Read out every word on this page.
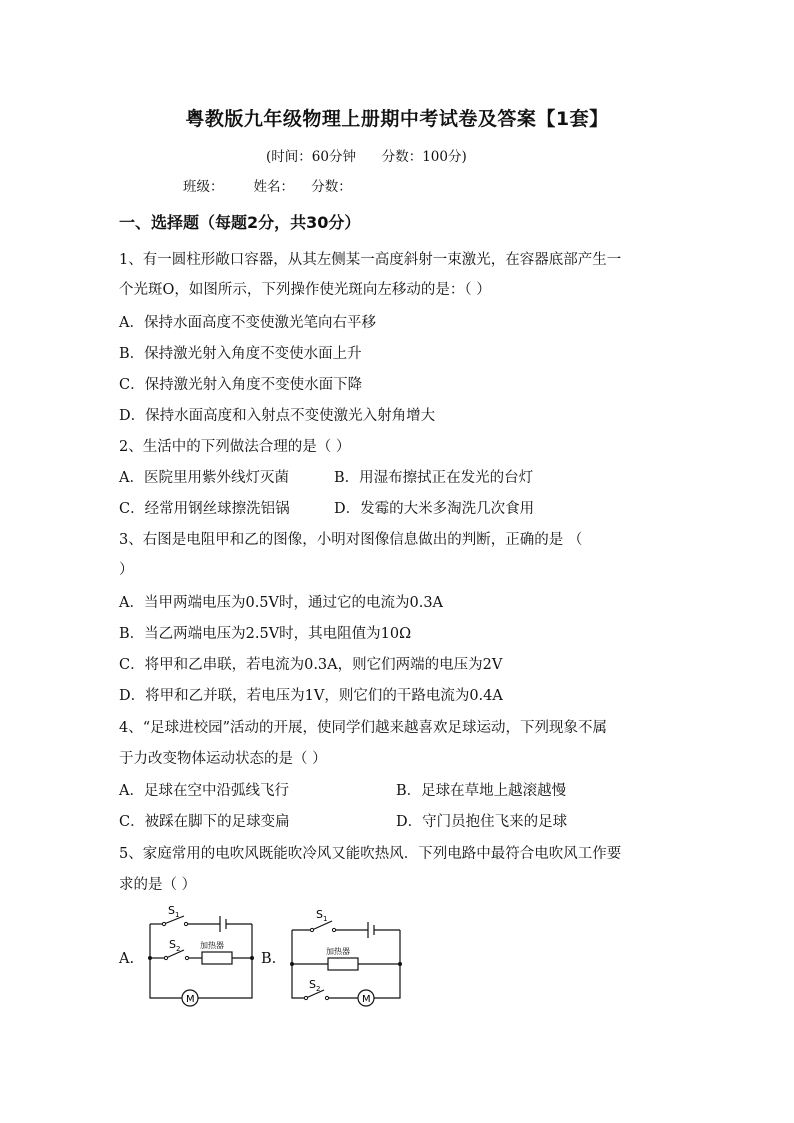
粤教版九年级物理上册期中考试卷及答案【1套】
(时间：60分钟      分数：100分)
班级：       姓名：    分数：
一、选择题（每题2分，共30分）
1、有一圆柱形敞口容器，从其左侧某一高度斜射一束激光，在容器底部产生一
个光斑O，如图所示，下列操作使光斑向左移动的是：（ ）
A．保持水面高度不变使激光笔向右平移
B．保持激光射入角度不变使水面上升
C．保持激光射入角度不变使水面下降
D．保持水面高度和入射点不变使激光入射角增大
2、生活中的下列做法合理的是（ ）
A．医院里用紫外线灯灭菌	B．用湿布擦拭正在发光的台灯
C．经常用钢丝球擦洗铝锅	D．发霉的大米多淘洗几次食用
3、右图是电阻甲和乙的图像，小明对图像信息做出的判断，正确的是 （
）
A．当甲两端电压为0.5V时，通过它的电流为0.3A
B．当乙两端电压为2.5V时，其电阻值为10Ω
C．将甲和乙串联，若电流为0.3A，则它们两端的电压为2V
D．将甲和乙并联，若电压为1V，则它们的干路电流为0.4A
4、“足球进校园”活动的开展，使同学们越来越喜欢足球运动，下列现象不属
于力改变物体运动状态的是（ ）
A．足球在空中沿弧线飞行	B．足球在草地上越滚越慢
C．被踩在脚下的足球变扁	D．守门员抱住飞来的足球
5、家庭常用的电吹风既能吹冷风又能吹热风．下列电路中最符合电吹风工作要
求的是（ ）
A.	B.
S 1
S 2 加热器
M
S 1
S 2
加热器
M
